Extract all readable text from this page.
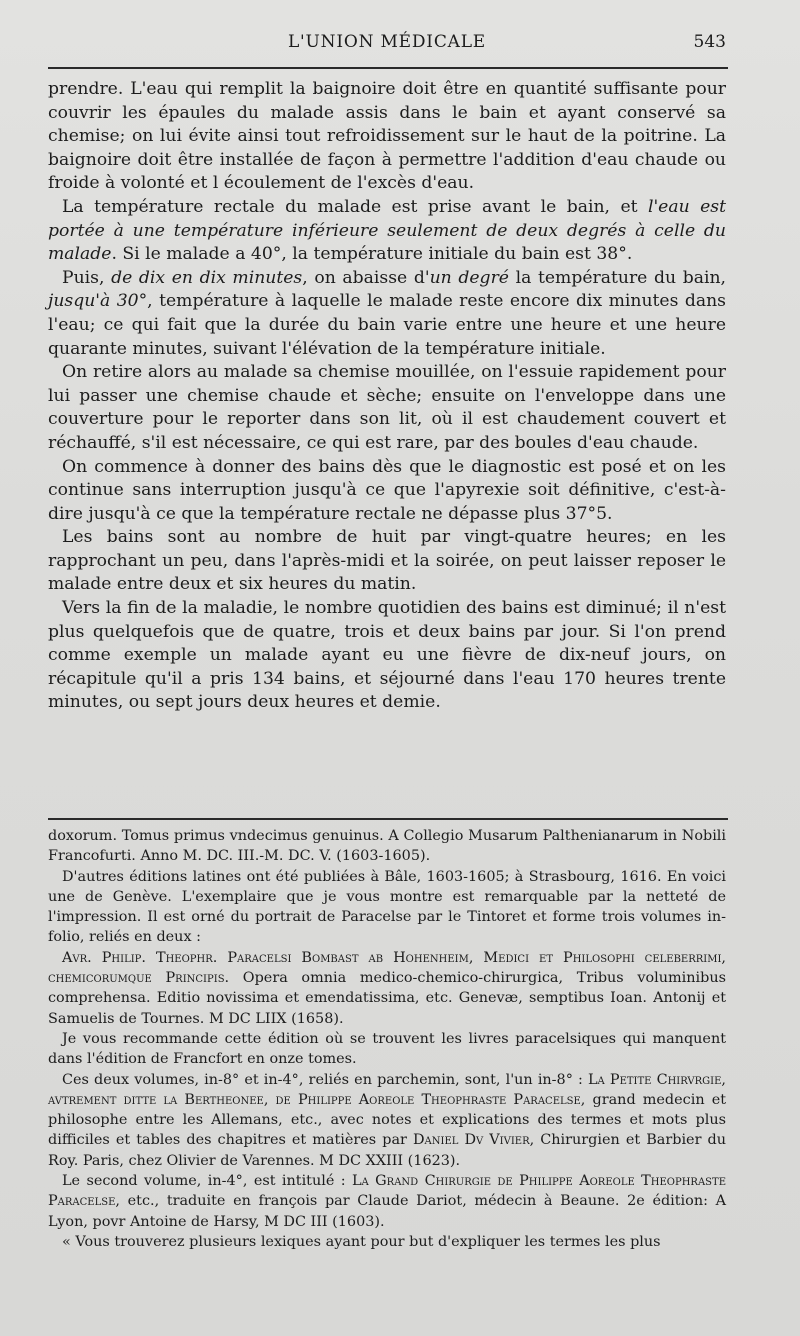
L'UNION MÉDICALE	543

prendre. L'eau qui remplit la baignoire doit être en quantité suffisante pour couvrir les épaules du malade assis dans le bain et ayant conservé sa chemise; on lui évite ainsi tout refroidissement sur le haut de la poitrine. La baignoire doit être installée de façon à permettre l'addition d'eau chaude ou froide à volonté et l écoulement de l'excès d'eau.

La température rectale du malade est prise avant le bain, et l'eau est portée à une température inférieure seulement de deux degrés à celle du malade. Si le malade a 40°, la température initiale du bain est 38°.

Puis, de dix en dix minutes, on abaisse d'un degré la température du bain, jusqu'à 30°, température à laquelle le malade reste encore dix minutes dans l'eau; ce qui fait que la durée du bain varie entre une heure et une heure quarante minutes, suivant l'élévation de la température initiale.

On retire alors au malade sa chemise mouillée, on l'essuie rapidement pour lui passer une chemise chaude et sèche; ensuite on l'enveloppe dans une couverture pour le reporter dans son lit, où il est chaudement couvert et réchauffé, s'il est nécessaire, ce qui est rare, par des boules d'eau chaude.

On commence à donner des bains dès que le diagnostic est posé et on les continue sans interruption jusqu'à ce que l'apyrexie soit définitive, c'est-à-dire jusqu'à ce que la température rectale ne dépasse plus 37°5.

Les bains sont au nombre de huit par vingt-quatre heures; en les rapprochant un peu, dans l'après-midi et la soirée, on peut laisser reposer le malade entre deux et six heures du matin.

Vers la fin de la maladie, le nombre quotidien des bains est diminué; il n'est plus quelquefois que de quatre, trois et deux bains par jour. Si l'on prend comme exemple un malade ayant eu une fièvre de dix-neuf jours, on récapitule qu'il a pris 134 bains, et séjourné dans l'eau 170 heures trente minutes, ou sept jours deux heures et demie.

doxorum. Tomus primus vndecimus genuinus. A Collegio Musarum Palthenianarum in Nobili Francofurti. Anno M. DC. III.-M. DC. V. (1603-1605).

D'autres éditions latines ont été publiées à Bâle, 1603-1605; à Strasbourg, 1616. En voici une de Genève. L'exemplaire que je vous montre est remarquable par la netteté de l'impression. Il est orné du portrait de Paracelse par le Tintoret et forme trois volumes in-folio, reliés en deux :

Avr. Philip. Theophr. Paracelsi Bombast ab Hohenheim, Medici et Philosophi celeberrimi, chemicorumque Principis. Opera omnia medico-chemico-chirurgica, Tribus voluminibus comprehensa. Editio novissima et emendatissima, etc. Genevæ, semptibus Ioan. Antonij et Samuelis de Tournes. M DC LIIX (1658).

Je vous recommande cette édition où se trouvent les livres paracelsiques qui manquent dans l'édition de Francfort en onze tomes.

Ces deux volumes, in-8° et in-4°, reliés en parchemin, sont, l'un in-8° : La Petite Chirvrgie, avtrement ditte la Bertheonee, de Philippe Aoreole Theophraste Paracelse, grand medecin et philosophe entre les Allemans, etc., avec notes et explications des termes et mots plus difficiles et tables des chapitres et matières par Daniel Dv Vivier, Chirurgien et Barbier du Roy. Paris, chez Olivier de Varennes. M DC XXIII (1623).

Le second volume, in-4°, est intitulé : La Grand Chirurgie de Philippe Aoreole Theophraste Paracelse, etc., traduite en françois par Claude Dariot, médecin à Beaune. 2e édition: A Lyon, povr Antoine de Harsy, M DC III (1603).

« Vous trouverez plusieurs lexiques ayant pour but d'expliquer les termes les plus
